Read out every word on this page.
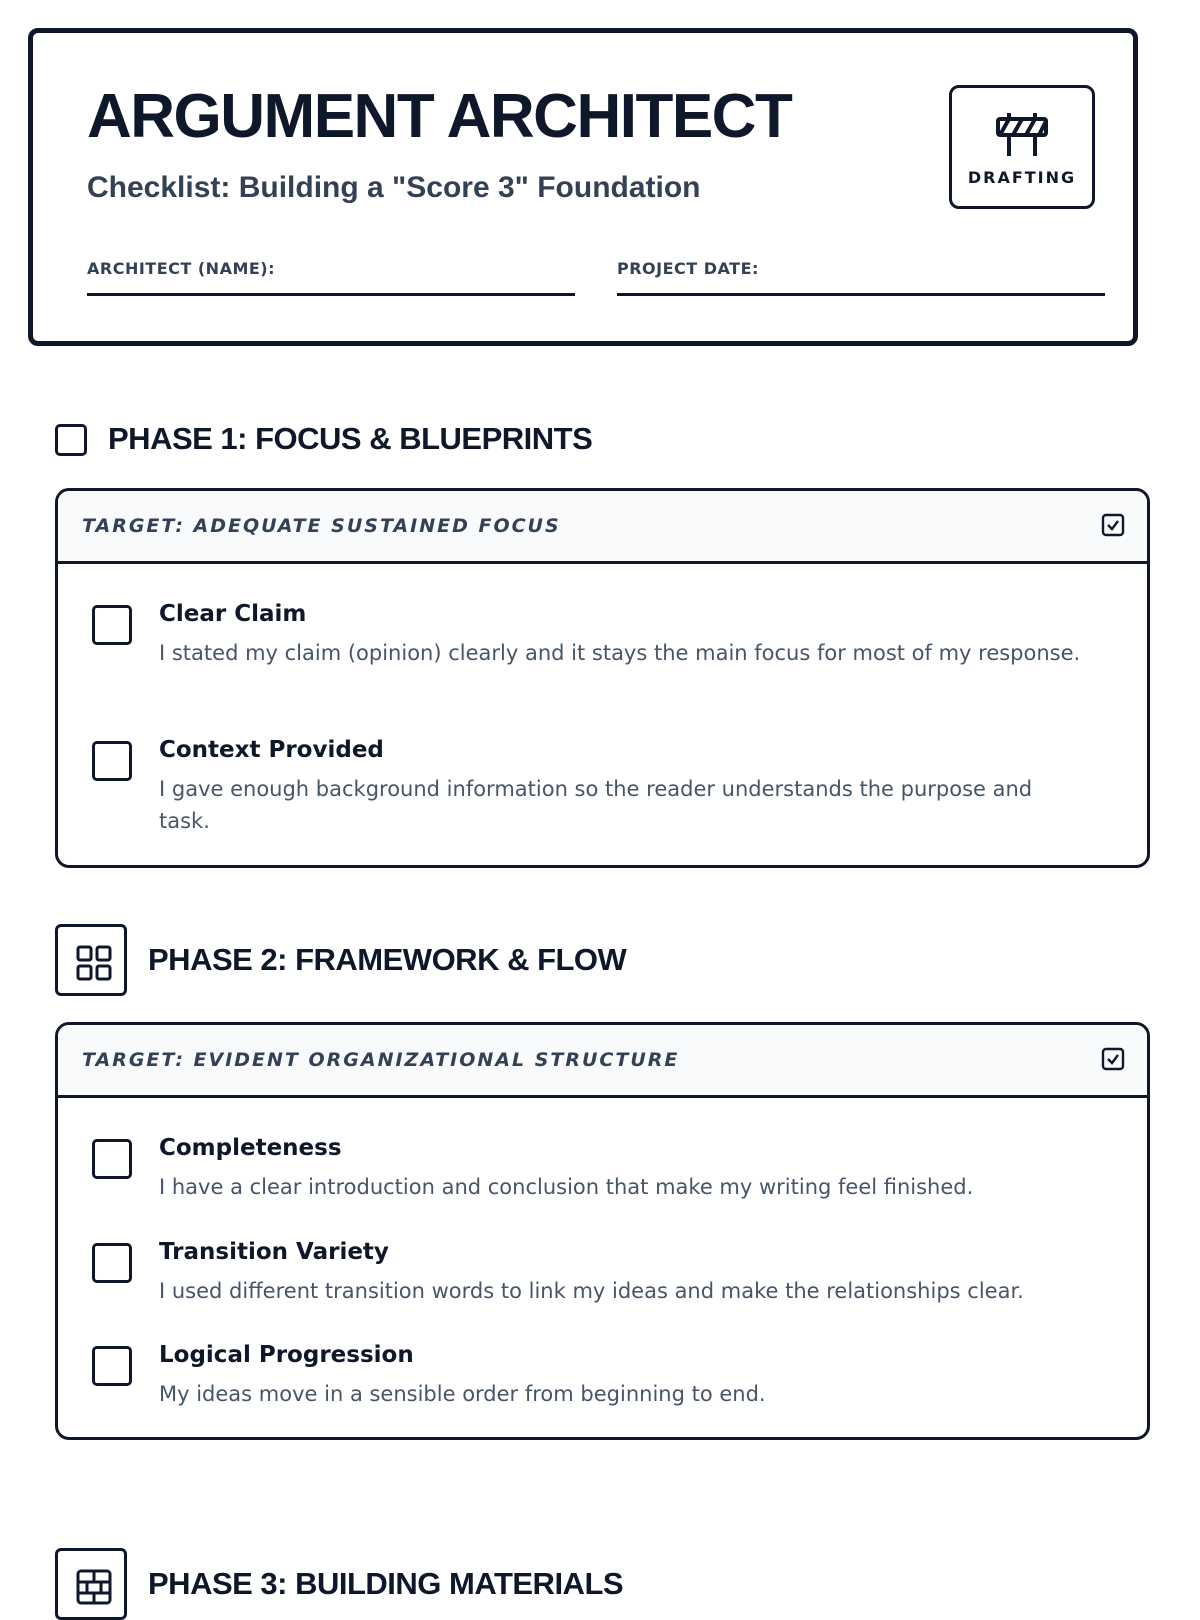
ARGUMENT ARCHITECT
Checklist: Building a "Score 3" Foundation	DRAFTING
ARCHITECT (NAME):	PROJECT DATE:
PHASE 1: FOCUS & BLUEPRINTS
TARGET: ADEQUATE SUSTAINED FOCUS
Clear Claim

I stated my claim (opinion) clearly and it stays the main focus for most of my response.

Context Provided

I gave enough background information so the reader understands the purpose and task.

PHASE 2: FRAMEWORK & FLOW
TARGET: EVIDENT ORGANIZATIONAL STRUCTURE
Completeness

I have a clear introduction and conclusion that make my writing feel finished.

Transition Variety

I used different transition words to link my ideas and make the relationships clear.

Logical Progression

My ideas move in a sensible order from beginning to end.

PHASE 3: BUILDING MATERIALS
